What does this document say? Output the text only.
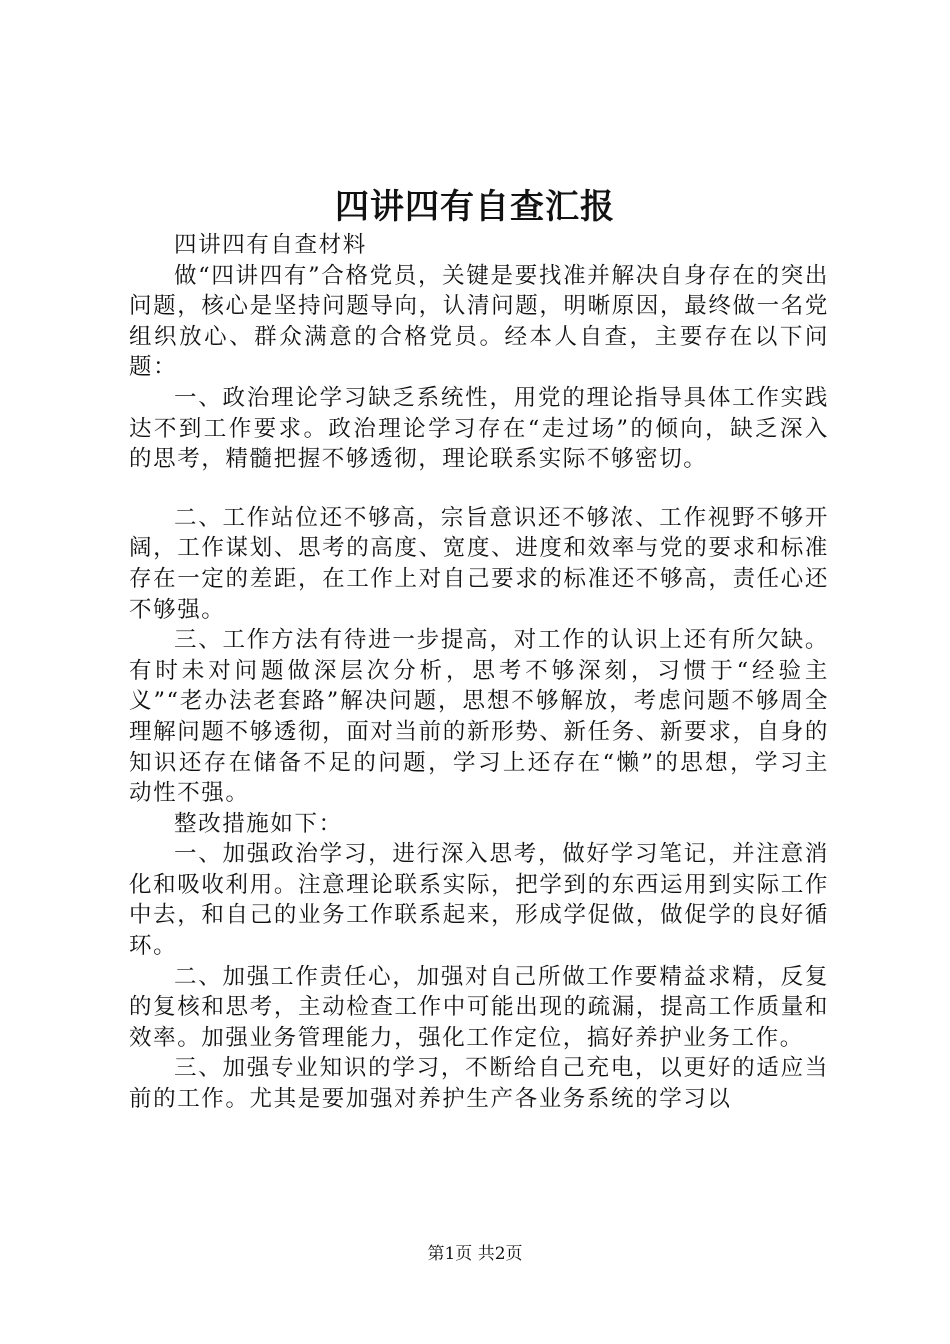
四讲四有自查汇报

四讲四有自查材料

做“四讲四有”合格党员，关键是要找准并解决自身存在的突出问题，核心是坚持问题导向，认清问题，明晰原因，最终做一名党组织放心、群众满意的合格党员。经本人自查，主要存在以下问题：

一、政治理论学习缺乏系统性，用党的理论指导具体工作实践达不到工作要求。政治理论学习存在“走过场”的倾向，缺乏深入的思考，精髓把握不够透彻，理论联系实际不够密切。

二、工作站位还不够高，宗旨意识还不够浓、工作视野不够开阔，工作谋划、思考的高度、宽度、进度和效率与党的要求和标准存在一定的差距，在工作上对自己要求的标准还不够高，责任心还不够强。

三、工作方法有待进一步提高，对工作的认识上还有所欠缺。有时未对问题做深层次分析，思考不够深刻，习惯于“经验主义”“老办法老套路”解决问题，思想不够解放，考虑问题不够周全理解问题不够透彻，面对当前的新形势、新任务、新要求，自身的知识还存在储备不足的问题，学习上还存在“懒”的思想，学习主动性不强。

整改措施如下：

一、加强政治学习，进行深入思考，做好学习笔记，并注意消化和吸收利用。注意理论联系实际，把学到的东西运用到实际工作中去，和自己的业务工作联系起来，形成学促做，做促学的良好循环。

二、加强工作责任心，加强对自己所做工作要精益求精，反复的复核和思考，主动检查工作中可能出现的疏漏，提高工作质量和效率。加强业务管理能力，强化工作定位，搞好养护业务工作。

三、加强专业知识的学习，不断给自己充电，以更好的适应当前的工作。尤其是要加强对养护生产各业务系统的学习以

第1页 共2页
